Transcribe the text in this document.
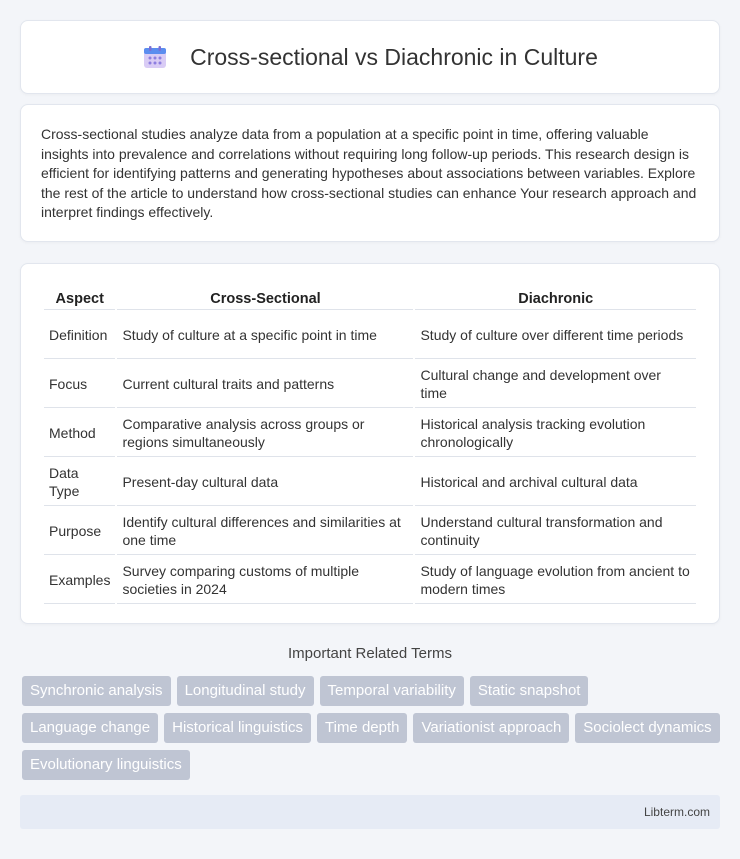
Cross-sectional vs Diachronic in Culture

Cross-sectional studies analyze data from a population at a specific point in time, offering valuable insights into prevalence and correlations without requiring long follow-up periods. This research design is efficient for identifying patterns and generating hypotheses about associations between variables. Explore the rest of the article to understand how cross-sectional studies can enhance Your research approach and interpret findings effectively.

Aspect	Cross-Sectional	Diachronic
Definition	Study of culture at a specific point in time	Study of culture over different time periods
Focus	Current cultural traits and patterns	Cultural change and development over time
Method	Comparative analysis across groups or regions simultaneously	Historical analysis tracking evolution chronologically
Data Type	Present-day cultural data	Historical and archival cultural data
Purpose	Identify cultural differences and similarities at one time	Understand cultural transformation and continuity
Examples	Survey comparing customs of multiple societies in 2024	Study of language evolution from ancient to modern times
Important Related Terms
Synchronic analysis	Longitudinal study	Temporal variability	Static snapshot
Language change	Historical linguistics	Time depth	Variationist approach	Sociolect dynamics
Evolutionary linguistics
Libterm.com
